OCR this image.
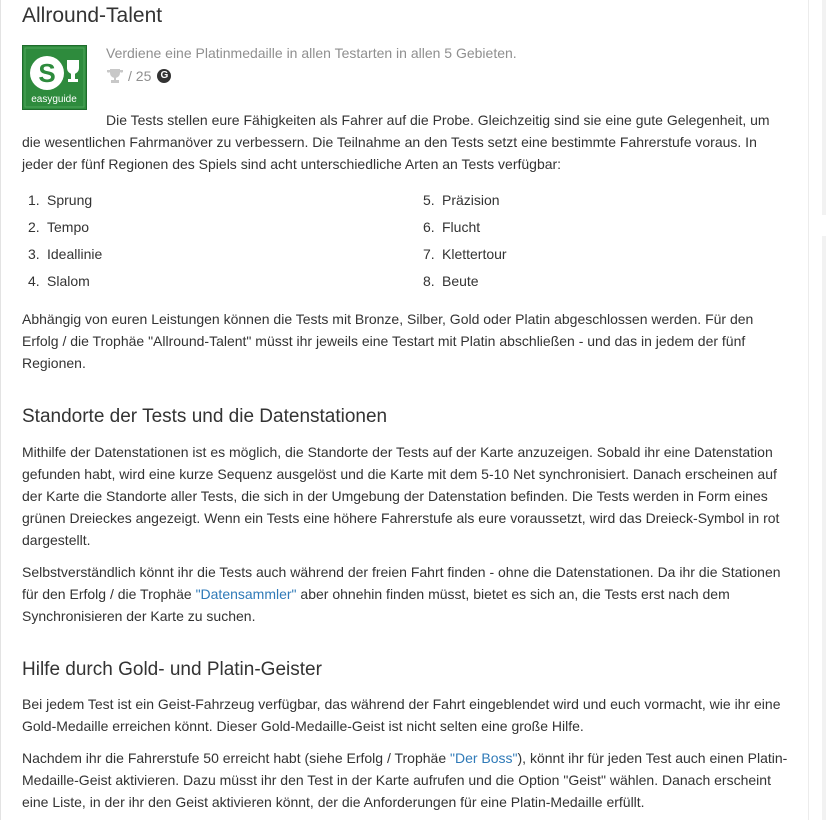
Allround-Talent
S
easyguide
Verdiene eine Platinmedaille in allen Testarten in allen 5 Gebieten.
/ 25 G

Die Tests stellen eure Fähigkeiten als Fahrer auf die Probe. Gleichzeitig sind sie eine gute Gelegenheit, um die wesentlichen Fahrmanöver zu verbessern. Die Teilnahme an den Tests setzt eine bestimmte Fahrerstufe voraus. In jeder der fünf Regionen des Spiels sind acht unterschiedliche Arten an Tests verfügbar:

1. Sprung
2. Tempo
3. Ideallinie
4. Slalom
5. Präzision
6. Flucht
7. Klettertour
8. Beute

Abhängig von euren Leistungen können die Tests mit Bronze, Silber, Gold oder Platin abgeschlossen werden. Für den Erfolg / die Trophäe "Allround-Talent" müsst ihr jeweils eine Testart mit Platin abschließen - und das in jedem der fünf Regionen.

Standorte der Tests und die Datenstationen

Mithilfe der Datenstationen ist es möglich, die Standorte der Tests auf der Karte anzuzeigen. Sobald ihr eine Datenstation gefunden habt, wird eine kurze Sequenz ausgelöst und die Karte mit dem 5-10 Net synchronisiert. Danach erscheinen auf der Karte die Standorte aller Tests, die sich in der Umgebung der Datenstation befinden. Die Tests werden in Form eines grünen Dreieckes angezeigt. Wenn ein Tests eine höhere Fahrerstufe als eure voraussetzt, wird das Dreieck-Symbol in rot dargestellt.

Selbstverständlich könnt ihr die Tests auch während der freien Fahrt finden - ohne die Datenstationen. Da ihr die Stationen für den Erfolg / die Trophäe "Datensammler" aber ohnehin finden müsst, bietet es sich an, die Tests erst nach dem Synchronisieren der Karte zu suchen.

Hilfe durch Gold- und Platin-Geister

Bei jedem Test ist ein Geist-Fahrzeug verfügbar, das während der Fahrt eingeblendet wird und euch vormacht, wie ihr eine Gold-Medaille erreichen könnt. Dieser Gold-Medaille-Geist ist nicht selten eine große Hilfe.

Nachdem ihr die Fahrerstufe 50 erreicht habt (siehe Erfolg / Trophäe "Der Boss"), könnt ihr für jeden Test auch einen Platin-Medaille-Geist aktivieren. Dazu müsst ihr den Test in der Karte aufrufen und die Option "Geist" wählen. Danach erscheint eine Liste, in der ihr den Geist aktivieren könnt, der die Anforderungen für eine Platin-Medaille erfüllt.
